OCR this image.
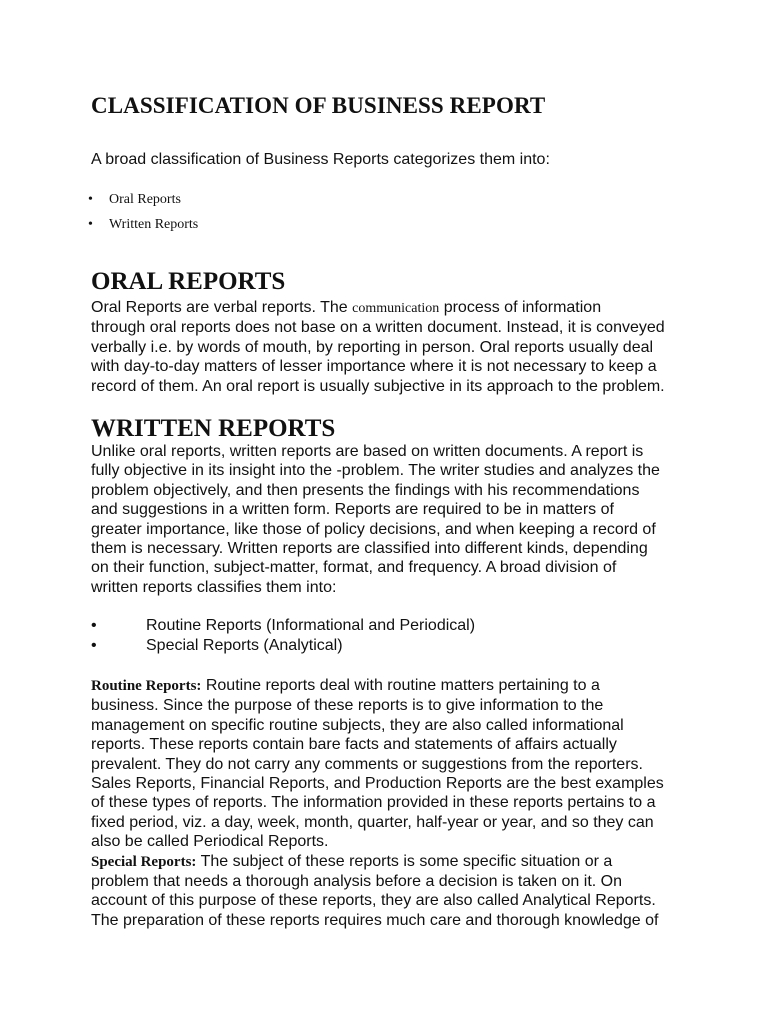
CLASSIFICATION OF BUSINESS REPORT

A broad classification of Business Reports categorizes them into:

• Oral Reports
• Written Reports
ORAL REPORTS
Oral Reports are verbal reports. The communication process of information
through oral reports does not base on a written document. Instead, it is conveyed
verbally i.e. by words of mouth, by reporting in person. Oral reports usually deal
with day-to-day matters of lesser importance where it is not necessary to keep a
record of them. An oral report is usually subjective in its approach to the problem.
WRITTEN REPORTS
Unlike oral reports, written reports are based on written documents. A report is
fully objective in its insight into the -problem. The writer studies and analyzes the
problem objectively, and then presents the findings with his recommendations
and suggestions in a written form. Reports are required to be in matters of
greater importance, like those of policy decisions, and when keeping a record of
them is necessary. Written reports are classified into different kinds, depending
on their function, subject-matter, format, and frequency. A broad division of
written reports classifies them into:
•	Routine Reports (Informational and Periodical)
•	Special Reports (Analytical)
Routine Reports: Routine reports deal with routine matters pertaining to a
business. Since the purpose of these reports is to give information to the
management on specific routine subjects, they are also called informational
reports. These reports contain bare facts and statements of affairs actually
prevalent. They do not carry any comments or suggestions from the reporters.
Sales Reports, Financial Reports, and Production Reports are the best examples
of these types of reports. The information provided in these reports pertains to a
fixed period, viz. a day, week, month, quarter, half-year or year, and so they can
also be called Periodical Reports.
Special Reports: The subject of these reports is some specific situation or a
problem that needs a thorough analysis before a decision is taken on it. On
account of this purpose of these reports, they are also called Analytical Reports.
The preparation of these reports requires much care and thorough knowledge of
